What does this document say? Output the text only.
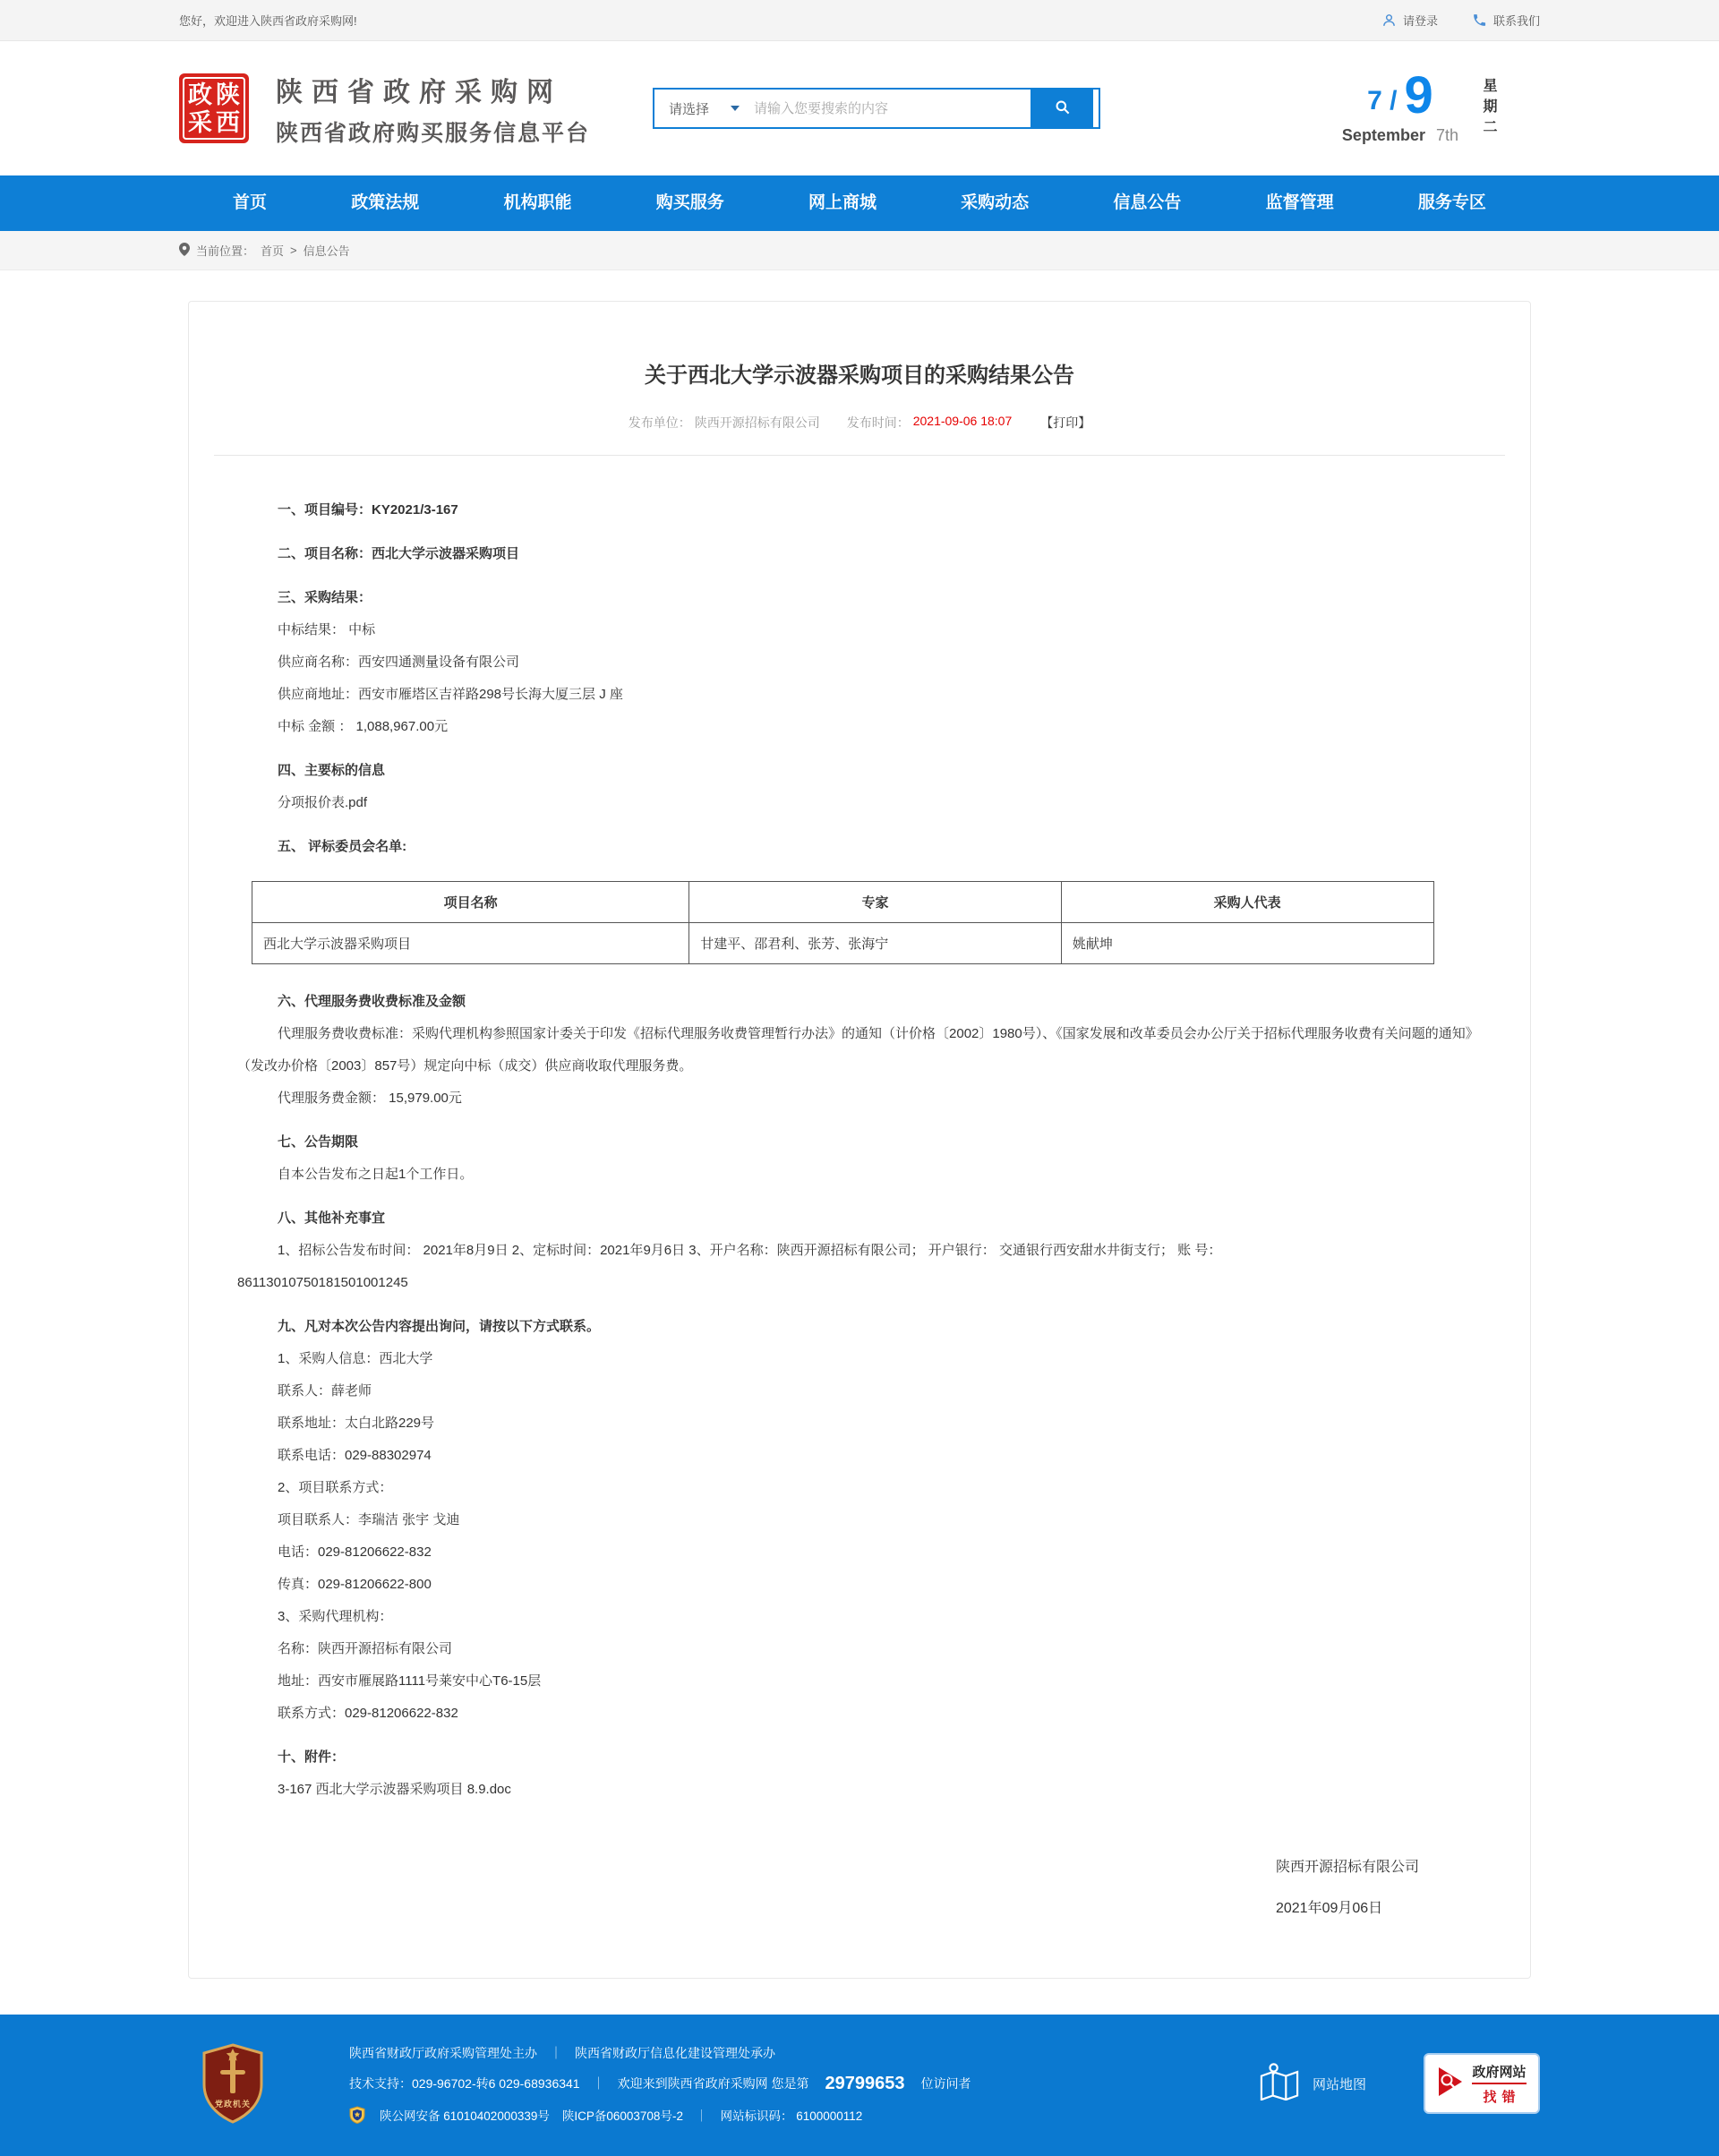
您好，欢迎进入陕西省政府采购网!	请登录	联系我们
政 陕
采 西
陕西省政府采购网
陕西省政府购买服务信息平台
请选择
请输入您要搜索的内容	7 / 9
September 7th 星期二
首页	政策法规	机构职能	购买服务	网上商城	采购动态	信息公告	监督管理	服务专区
当前位置： 首页 > 信息公告
关于西北大学示波器采购项目的采购结果公告
发布单位： 陕西开源招标有限公司 发布时间： 2021-09-06 18:07 【打印】
一、项目编号：KY2021/3-167
二、项目名称：西北大学示波器采购项目
三、采购结果：
中标结果： 中标
供应商名称：西安四通测量设备有限公司
供应商地址：西安市雁塔区吉祥路298号长海大厦三层 J 座
中标 金额 ： 1,088,967.00元
四、主要标的信息
分项报价表.pdf
五、 评标委员会名单:
项目名称	专家	采购人代表
西北大学示波器采购项目	甘建平、邵君利、张芳、张海宁	姚献坤
六、代理服务费收费标准及金额
代理服务费收费标准：采购代理机构参照国家计委关于印发《招标代理服务收费管理暂行办法》的通知（计价格〔2002〕1980号）、《国家发展和改革委员会办公厅关于招标代理服务收费有关问题的通知》（发改办价格〔2003〕857号）规定向中标（成交）供应商收取代理服务费。
代理服务费金额： 15,979.00元
七、公告期限
自本公告发布之日起1个工作日。
八、其他补充事宜
1、招标公告发布时间： 2021年8月9日 2、定标时间：2021年9月6日 3、开户名称：陕西开源招标有限公司； 开户银行： 交通银行西安甜水井街支行； 账 号：
86113010750181501001245
九、凡对本次公告内容提出询问，请按以下方式联系。
1、采购人信息：西北大学
联系人：薛老师
联系地址：太白北路229号
联系电话：029-88302974
2、项目联系方式：
项目联系人：李瑞洁 张宇 戈迪
电话：029-81206622-832
传真：029-81206622-800
3、采购代理机构：
名称：陕西开源招标有限公司
地址：西安市雁展路1111号莱安中心T6-15层
联系方式：029-81206622-832
十、附件：
3-167 西北大学示波器采购项目 8.9.doc
陕西开源招标有限公司
2021年09月06日
党政机关
陕西省财政厅政府采购管理处主办 ｜ 陕西省财政厅信息化建设管理处承办
技术支持：029-96702-转6 029-68936341 ｜ 欢迎来到陕西省政府采购网 您是第 29799653 位访问者
陕公网安备 61010402000339号 陕ICP备06003708号-2 ｜ 网站标识码： 6100000112
网站地图
政府网站
找错
